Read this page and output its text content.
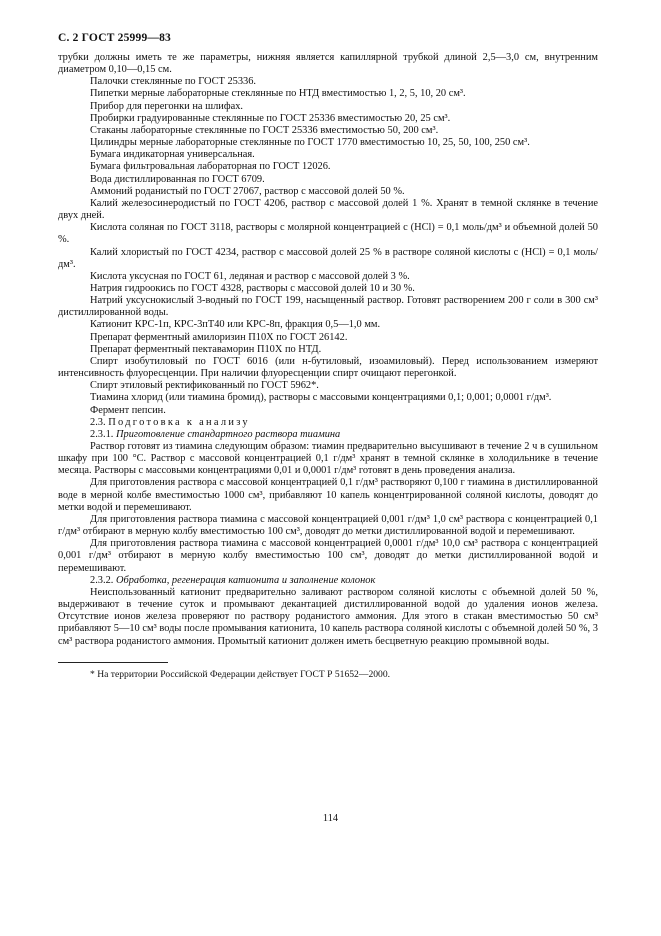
С. 2 ГОСТ 25999—83

трубки должны иметь те же параметры, нижняя является капиллярной трубкой длиной 2,5—3,0 см, внутренним диаметром 0,10—0,15 см.

Палочки стеклянные по ГОСТ 25336.

Пипетки мерные лабораторные стеклянные по НТД вместимостью 1, 2, 5, 10, 20 см³.

Прибор для перегонки на шлифах.

Пробирки градуированные стеклянные по ГОСТ 25336 вместимостью 20, 25 см³.

Стаканы лабораторные стеклянные по ГОСТ 25336 вместимостью 50, 200 см³.

Цилиндры мерные лабораторные стеклянные по ГОСТ 1770 вместимостью 10, 25, 50, 100, 250 см³.

Бумага индикаторная универсальная.

Бумага фильтровальная лабораторная по ГОСТ 12026.

Вода дистиллированная по ГОСТ 6709.

Аммоний роданистый по ГОСТ 27067, раствор с массовой долей 50 %.

Калий железосинеродистый по ГОСТ 4206, раствор с массовой долей 1 %. Хранят в темной склянке в течение двух дней.

Кислота соляная по ГОСТ 3118, растворы с молярной концентрацией с (HCl) = 0,1 моль/дм³ и объемной долей 50 %.

Калий хлористый по ГОСТ 4234, раствор с массовой долей 25 % в растворе соляной кислоты с (HCl) = 0,1 моль/дм³.

Кислота уксусная по ГОСТ 61, ледяная и раствор с массовой долей 3 %.

Натрия гидроокись по ГОСТ 4328, растворы с массовой долей 10 и 30 %.

Натрий уксуснокислый 3-водный по ГОСТ 199, насыщенный раствор. Готовят растворением 200 г соли в 300 см³ дистиллированной воды.

Катионит КРС-1п, КРС-3пТ40 или КРС-8п, фракция 0,5—1,0 мм.

Препарат ферментный амилоризин П10Х по ГОСТ 26142.

Препарат ферментный пектаваморин П10Х по НТД.

Спирт изобутиловый по ГОСТ 6016 (или н-бутиловый, изоамиловый). Перед использованием измеряют интенсивность флуоресценции. При наличии флуоресценции спирт очищают перегонкой.

Спирт этиловый ректификованный по ГОСТ 5962*.

Тиамина хлорид (или тиамина бромид), растворы с массовыми концентрациями 0,1; 0,001; 0,0001 г/дм³.

Фермент пепсин.

2.3. Подготовка к анализу

2.3.1. Приготовление стандартного раствора тиамина

Раствор готовят из тиамина следующим образом: тиамин предварительно высушивают в течение 2 ч в сушильном шкафу при 100 °С. Раствор с массовой концентрацией 0,1 г/дм³ хранят в темной склянке в холодильнике в течение месяца. Растворы с массовыми концентрациями 0,01 и 0,0001 г/дм³ готовят в день проведения анализа.

Для приготовления раствора с массовой концентрацией 0,1 г/дм³ растворяют 0,100 г тиамина в дистиллированной воде в мерной колбе вместимостью 1000 см³, прибавляют 10 капель концентрированной соляной кислоты, доводят до метки водой и перемешивают.

Для приготовления раствора тиамина с массовой концентрацией 0,001 г/дм³ 1,0 см³ раствора с концентрацией 0,1 г/дм³ отбирают в мерную колбу вместимостью 100 см³, доводят до метки дистиллированной водой и перемешивают.

Для приготовления раствора тиамина с массовой концентрацией 0,0001 г/дм³ 10,0 см³ раствора с концентрацией 0,001 г/дм³ отбирают в мерную колбу вместимостью 100 см³, доводят до метки дистиллированной водой и перемешивают.

2.3.2. Обработка, регенерация катионита и заполнение колонок

Неиспользованный катионит предварительно заливают раствором соляной кислоты с объемной долей 50 %, выдерживают в течение суток и промывают декантацией дистиллированной водой до удаления ионов железа. Отсутствие ионов железа проверяют по раствору роданистого аммония. Для этого в стакан вместимостью 50 см³ прибавляют 5—10 см³ воды после промывания катионита, 10 капель раствора соляной кислоты с объемной долей 50 %, 3 см³ раствора роданистого аммония. Промытый катионит должен иметь бесцветную реакцию промывной воды.

* На территории Российской Федерации действует ГОСТ Р 51652—2000.
114
